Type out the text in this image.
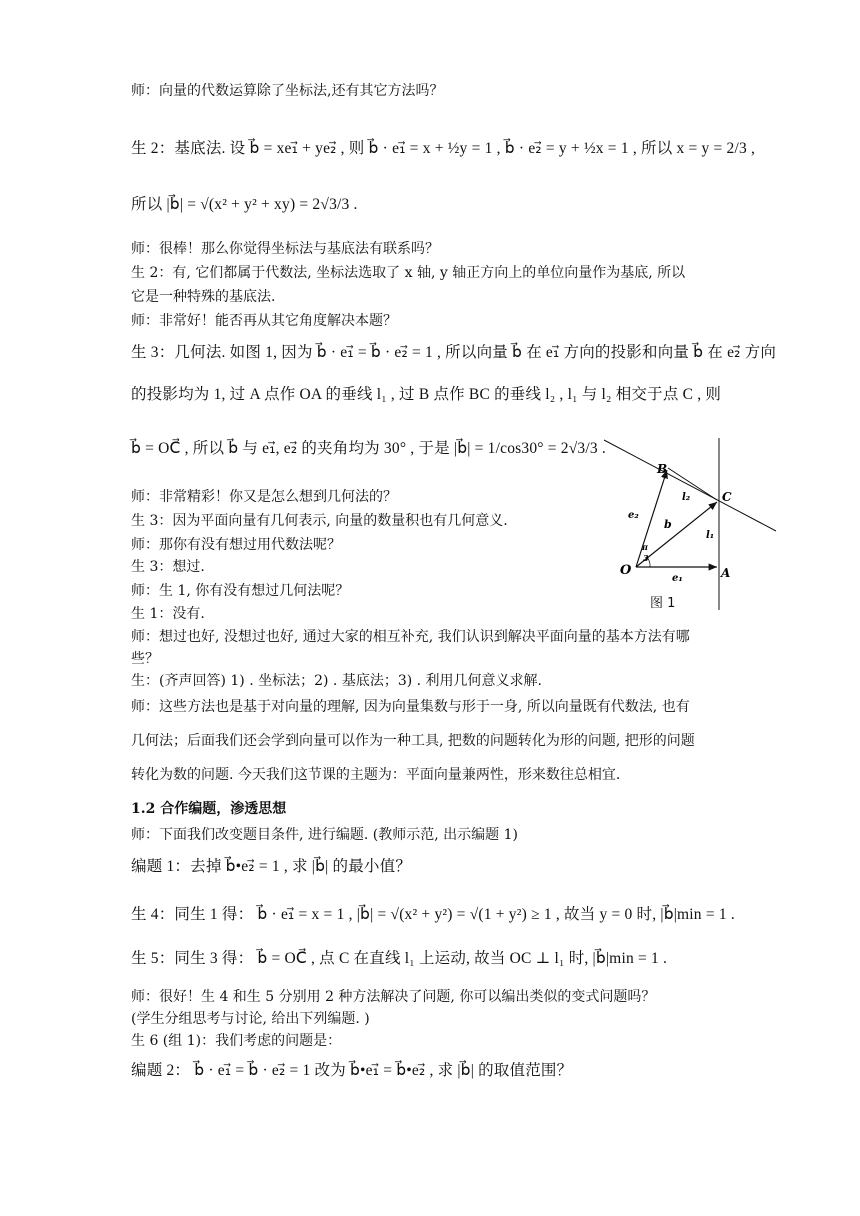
师：向量的代数运算除了坐标法,还有其它方法吗？
生 2：基底法. 设 b⃗ = xe₁⃗ + ye₂⃗ , 则 b⃗ · e₁⃗ = x + ½y = 1 , b⃗ · e₂⃗ = y + ½x = 1 , 所以 x = y = 2/3 ,
所以 |b⃗| = √(x² + y² + xy) = 2√3/3 .
师：很棒！那么你觉得坐标法与基底法有联系吗？
生 2：有, 它们都属于代数法, 坐标法选取了 x 轴, y 轴正方向上的单位向量作为基底, 所以
它是一种特殊的基底法.
师：非常好！能否再从其它角度解决本题？
生 3：几何法. 如图 1, 因为 b⃗ · e₁⃗ = b⃗ · e₂⃗ = 1 , 所以向量 b⃗ 在 e₁⃗ 方向的投影和向量 b⃗ 在 e₂⃗ 方向
的投影均为 1, 过 A 点作 OA 的垂线 l₁ , 过 B 点作 BC 的垂线 l₂ , l₁ 与 l₂ 相交于点 C , 则
b⃗ = OC⃗ , 所以 b⃗ 与 e₁⃗, e₂⃗ 的夹角均为 30° , 于是 |b⃗| = 1/cos30° = 2√3/3 .
师：非常精彩！你又是怎么想到几何法的？
生 3：因为平面向量有几何表示, 向量的数量积也有几何意义.
师：那你有没有想过用代数法呢？
生 3：想过.
师：生 1, 你有没有想过几何法呢？
生 1：没有.
师：想过也好, 没想过也好, 通过大家的相互补充, 我们认识到解决平面向量的基本方法有哪
些？
生：(齐声回答) 1) . 坐标法；2) . 基底法；3) . 利用几何意义求解.
师：这些方法也是基于对向量的理解, 因为向量集数与形于一身, 所以向量既有代数法, 也有
几何法；后面我们还会学到向量可以作为一种工具, 把数的问题转化为形的问题, 把形的问题
转化为数的问题. 今天我们这节课的主题为：平面向量兼两性，形来数往总相宜.
1.2 合作编题，渗透思想
师：下面我们改变题目条件, 进行编题. (教师示范, 出示编题 1)
编题 1：去掉 b⃗•e₂⃗ = 1 , 求 |b⃗| 的最小值？
生 4：同生 1 得： b⃗ · e₁⃗ = x = 1 , |b⃗| = √(x² + y²) = √(1 + y²) ≥ 1 , 故当 y = 0 时, |b⃗|min = 1 .
生 5：同生 3 得： b⃗ = OC⃗ , 点 C 在直线 l₁ 上运动, 故当 OC ⊥ l₁ 时, |b⃗|min = 1 .
师：很好！生 4 和生 5 分别用 2 种方法解决了问题, 你可以编出类似的变式问题吗？
(学生分组思考与讨论, 给出下列编题. )
生 6 (组 1)：我们考虑的问题是：
编题 2： b⃗ · e₁⃗ = b⃗ · e₂⃗ = 1 改为 b⃗•e₁⃗ = b⃗•e₂⃗ , 求 |b⃗| 的取值范围？
B
C
O	A
e₂
l₂
b
l₁
π
3
e₁
图 1
